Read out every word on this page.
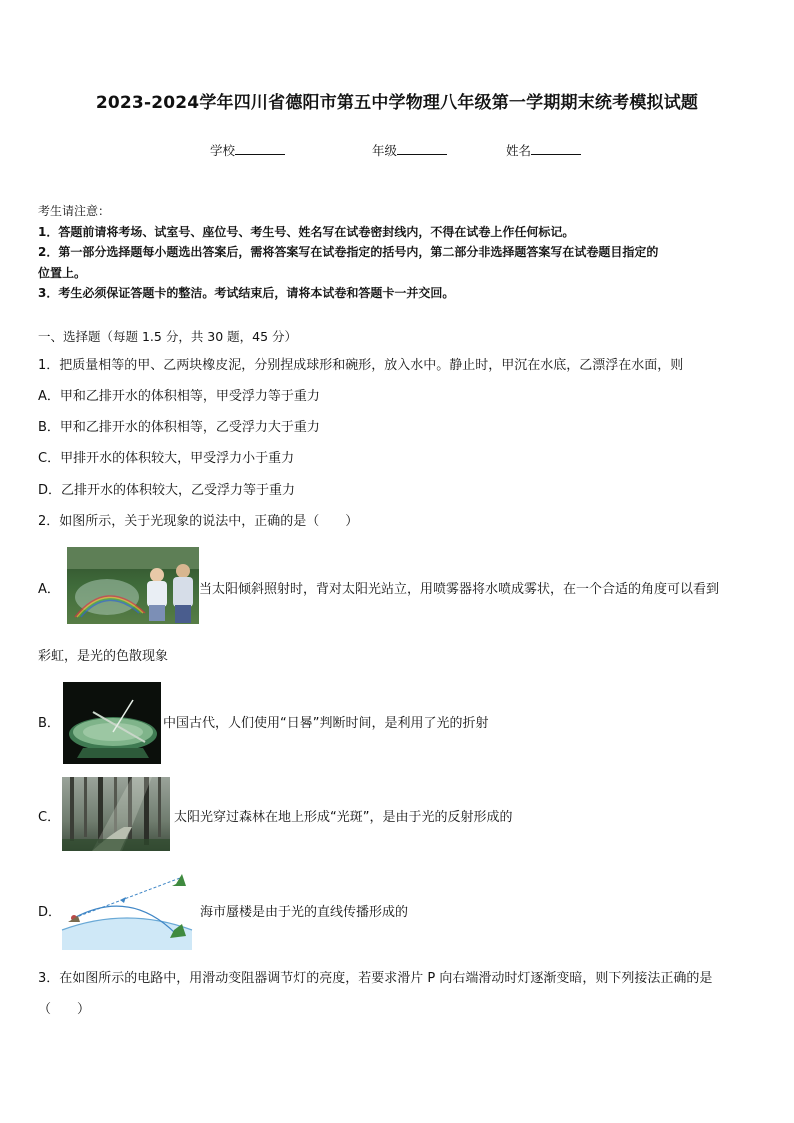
2023-2024学年四川省德阳市第五中学物理八年级第一学期期末统考模拟试题
学校	年级	姓名
考生请注意：
1．答题前请将考场、试室号、座位号、考生号、姓名写在试卷密封线内，不得在试卷上作任何标记。
2．第一部分选择题每小题选出答案后，需将答案写在试卷指定的括号内，第二部分非选择题答案写在试卷题目指定的
位置上。
3．考生必须保证答题卡的整洁。考试结束后，请将本试卷和答题卡一并交回。
一、选择题（每题 1.5 分，共 30 题，45 分）
1．把质量相等的甲、乙两块橡皮泥，分别捏成球形和碗形，放入水中。静止时，甲沉在水底，乙漂浮在水面，则
A．甲和乙排开水的体积相等，甲受浮力等于重力
B．甲和乙排开水的体积相等，乙受浮力大于重力
C．甲排开水的体积较大，甲受浮力小于重力
D．乙排开水的体积较大，乙受浮力等于重力
2．如图所示，关于光现象的说法中，正确的是（　　）
A．	当太阳倾斜照射时，背对太阳光站立，用喷雾器将水喷成雾状，在一个合适的角度可以看到
彩虹，是光的色散现象
B．	中国古代，人们使用“日晷”判断时间，是利用了光的折射
C．	太阳光穿过森林在地上形成“光斑”，是由于光的反射形成的
D．	海市蜃楼是由于光的直线传播形成的
3．在如图所示的电路中，用滑动变阻器调节灯的亮度，若要求滑片 P 向右端滑动时灯逐渐变暗，则下列接法正确的是
（　　）
